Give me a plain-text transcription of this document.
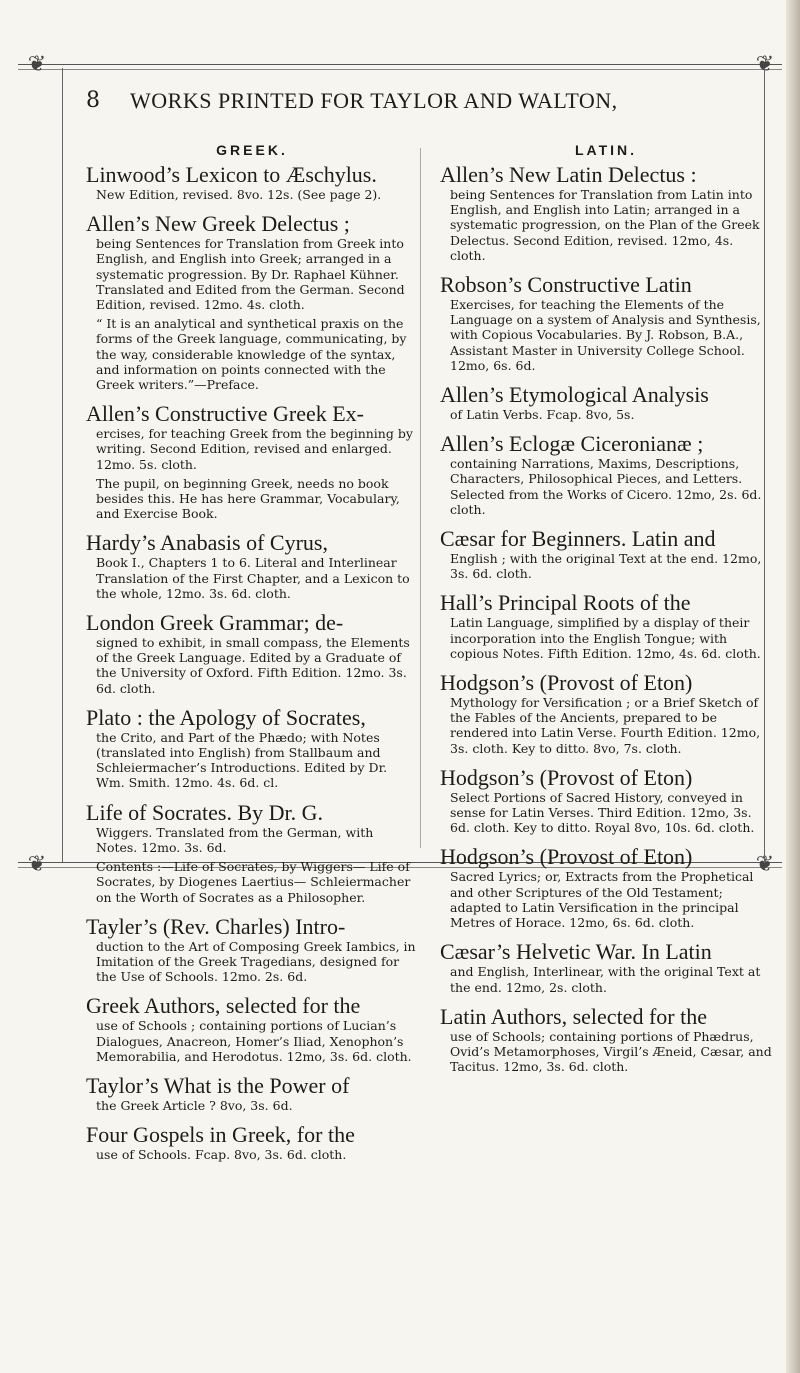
❦	❦
❦	❦
8 WORKS PRINTED FOR TAYLOR AND WALTON,
GREEK.

Linwood’s Lexicon to Æschylus.

New Edition, revised. 8vo. 12s. (See page 2).

Allen’s New Greek Delectus ;

being Sentences for Translation from Greek into English, and English into Greek; arranged in a systematic progression. By Dr. Raphael Kühner. Translated and Edited from the German. Second Edition, revised. 12mo. 4s. cloth.

“ It is an analytical and synthetical praxis on the forms of the Greek language, communicating, by the way, considerable knowledge of the syntax, and information on points connected with the Greek writers.”—Preface.

Allen’s Constructive Greek Ex-

ercises, for teaching Greek from the beginning by writing. Second Edition, revised and enlarged. 12mo. 5s. cloth.

The pupil, on beginning Greek, needs no book besides this. He has here Grammar, Vocabulary, and Exercise Book.

Hardy’s Anabasis of Cyrus,

Book I., Chapters 1 to 6. Literal and Interlinear Translation of the First Chapter, and a Lexicon to the whole, 12mo. 3s. 6d. cloth.

London Greek Grammar; de-

signed to exhibit, in small compass, the Elements of the Greek Language. Edited by a Graduate of the University of Oxford. Fifth Edition. 12mo. 3s. 6d. cloth.

Plato : the Apology of Socrates,

the Crito, and Part of the Phædo; with Notes (translated into English) from Stallbaum and Schleiermacher’s Introductions. Edited by Dr. Wm. Smith. 12mo. 4s. 6d. cl.

Life of Socrates. By Dr. G.

Wiggers. Translated from the German, with Notes. 12mo. 3s. 6d.

Contents :—Life of Socrates, by Wiggers— Life of Socrates, by Diogenes Laertius— Schleiermacher on the Worth of Socrates as a Philosopher.

Tayler’s (Rev. Charles) Intro-

duction to the Art of Composing Greek Iambics, in Imitation of the Greek Tragedians, designed for the Use of Schools. 12mo. 2s. 6d.

Greek Authors, selected for the

use of Schools ; containing portions of Lucian’s Dialogues, Anacreon, Homer’s Iliad, Xenophon’s Memorabilia, and Herodotus. 12mo, 3s. 6d. cloth.

Taylor’s What is the Power of

the Greek Article ? 8vo, 3s. 6d.

Four Gospels in Greek, for the

use of Schools. Fcap. 8vo, 3s. 6d. cloth.

LATIN.

Allen’s New Latin Delectus :

being Sentences for Translation from Latin into English, and English into Latin; arranged in a systematic progression, on the Plan of the Greek Delectus. Second Edition, revised. 12mo, 4s. cloth.

Robson’s Constructive Latin

Exercises, for teaching the Elements of the Language on a system of Analysis and Synthesis, with Copious Vocabularies. By J. Robson, B.A., Assistant Master in University College School. 12mo, 6s. 6d.

Allen’s Etymological Analysis

of Latin Verbs. Fcap. 8vo, 5s.

Allen’s Eclogæ Ciceronianæ ;

containing Narrations, Maxims, Descriptions, Characters, Philosophical Pieces, and Letters. Selected from the Works of Cicero. 12mo, 2s. 6d. cloth.

Cæsar for Beginners. Latin and

English ; with the original Text at the end. 12mo, 3s. 6d. cloth.

Hall’s Principal Roots of the

Latin Language, simplified by a display of their incorporation into the English Tongue; with copious Notes. Fifth Edition. 12mo, 4s. 6d. cloth.

Hodgson’s (Provost of Eton)

Mythology for Versification ; or a Brief Sketch of the Fables of the Ancients, prepared to be rendered into Latin Verse. Fourth Edition. 12mo, 3s. cloth. Key to ditto. 8vo, 7s. cloth.

Hodgson’s (Provost of Eton)

Select Portions of Sacred History, conveyed in sense for Latin Verses. Third Edition. 12mo, 3s. 6d. cloth. Key to ditto. Royal 8vo, 10s. 6d. cloth.

Hodgson’s (Provost of Eton)

Sacred Lyrics; or, Extracts from the Prophetical and other Scriptures of the Old Testament; adapted to Latin Versification in the principal Metres of Horace. 12mo, 6s. 6d. cloth.

Cæsar’s Helvetic War. In Latin

and English, Interlinear, with the original Text at the end. 12mo, 2s. cloth.

Latin Authors, selected for the

use of Schools; containing portions of Phædrus, Ovid’s Metamorphoses, Virgil’s Æneid, Cæsar, and Tacitus. 12mo, 3s. 6d. cloth.
